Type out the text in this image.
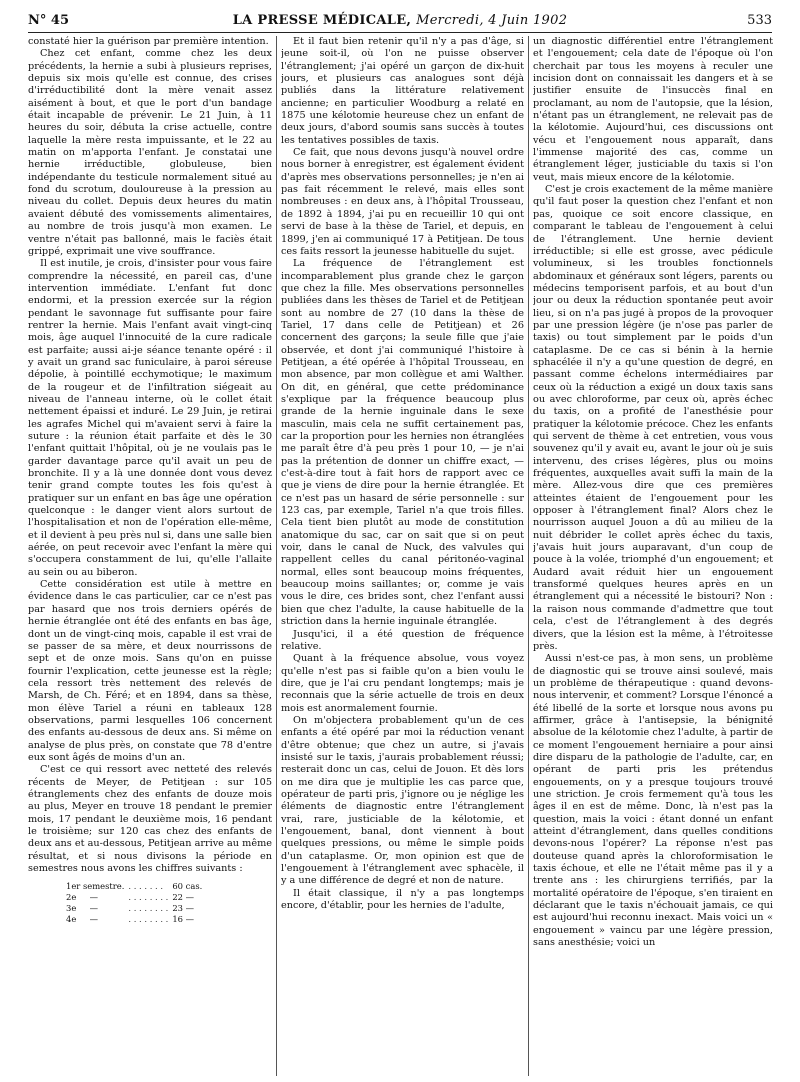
N° 45	LA PRESSE MÉDICALE, Mercredi, 4 Juin 1902	533

constaté hier la guérison par première intention.

Chez cet enfant, comme chez les deux précédents, la hernie a subi à plusieurs reprises, depuis six mois qu'elle est connue, des crises d'irréductibilité dont la mère venait assez aisément à bout, et que le port d'un bandage était incapable de prévenir. Le 21 Juin, à 11 heures du soir, débuta la crise actuelle, contre laquelle la mère resta impuissante, et le 22 au matin on m'apporta l'enfant. Je constatai une hernie irréductible, globuleuse, bien indépendante du testicule normalement situé au fond du scrotum, douloureuse à la pression au niveau du collet. Depuis deux heures du matin avaient débuté des vomissements alimentaires, au nombre de trois jusqu'à mon examen. Le ventre n'était pas ballonné, mais le faciès était grippé, exprimait une vive souffrance.

Il est inutile, je crois, d'insister pour vous faire comprendre la nécessité, en pareil cas, d'une intervention immédiate. L'enfant fut donc endormi, et la pression exercée sur la région pendant le savonnage fut suffisante pour faire rentrer la hernie. Mais l'enfant avait vingt-cinq mois, âge auquel l'innocuité de la cure radicale est parfaite; aussi ai-je séance tenante opéré : il y avait un grand sac funiculaire, à paroi séreuse dépolie, à pointillé ecchymotique; le maximum de la rougeur et de l'infiltration siégeait au niveau de l'anneau interne, où le collet était nettement épaissi et induré. Le 29 Juin, je retirai les agrafes Michel qui m'avaient servi à faire la suture : la réunion était parfaite et dès le 30 l'enfant quittait l'hôpital, où je ne voulais pas le garder davantage parce qu'il avait un peu de bronchite. Il y a là une donnée dont vous devez tenir grand compte toutes les fois qu'est à pratiquer sur un enfant en bas âge une opération quelconque : le danger vient alors surtout de l'hospitalisation et non de l'opération elle-même, et il devient à peu près nul si, dans une salle bien aérée, on peut recevoir avec l'enfant la mère qui s'occupera constamment de lui, qu'elle l'allaite au sein ou au biberon.

Cette considération est utile à mettre en évidence dans le cas particulier, car ce n'est pas par hasard que nos trois derniers opérés de hernie étranglée ont été des enfants en bas âge, dont un de vingt-cinq mois, capable il est vrai de se passer de sa mère, et deux nourrissons de sept et de onze mois. Sans qu'on en puisse fournir l'explication, cette jeunesse est la règle; cela ressort très nettement des relevés de Marsh, de Ch. Féré; et en 1894, dans sa thèse, mon élève Tariel a réuni en tableaux 128 observations, parmi lesquelles 106 concernent des enfants au-dessous de deux ans. Si même on analyse de plus près, on constate que 78 d'entre eux sont âgés de moins d'un an.

C'est ce qui ressort avec netteté des relevés récents de Meyer, de Petitjean : sur 105 étranglements chez des enfants de douze mois au plus, Meyer en trouve 18 pendant le premier mois, 17 pendant le deuxième mois, 16 pendant le troisième; sur 120 cas chez des enfants de deux ans et au-dessous, Petitjean arrive au même résultat, et si nous divisons la période en semestres nous avons les chiffres suivants :

1er semestre.	. . . . . . .	60 cas.
2e     —	. . . . . . . .	22 —
3e     —	. . . . . . . .	23 —
4e     —	. . . . . . . .	16 —

Et il faut bien retenir qu'il n'y a pas d'âge, si jeune soit-il, où l'on ne puisse observer l'étranglement; j'ai opéré un garçon de dix-huit jours, et plusieurs cas analogues sont déjà publiés dans la littérature relativement ancienne; en particulier Woodburg a relaté en 1875 une kélotomie heureuse chez un enfant de deux jours, d'abord soumis sans succès à toutes les tentatives possibles de taxis.

Ce fait, que nous devons jusqu'à nouvel ordre nous borner à enregistrer, est également évident d'après mes observations personnelles; je n'en ai pas fait récemment le relevé, mais elles sont nombreuses : en deux ans, à l'hôpital Trousseau, de 1892 à 1894, j'ai pu en recueillir 10 qui ont servi de base à la thèse de Tariel, et depuis, en 1899, j'en ai communiqué 17 à Petitjean. De tous ces faits ressort la jeunesse habituelle du sujet.

La fréquence de l'étranglement est incomparablement plus grande chez le garçon que chez la fille. Mes observations personnelles publiées dans les thèses de Tariel et de Petitjean sont au nombre de 27 (10 dans la thèse de Tariel, 17 dans celle de Petitjean) et 26 concernent des garçons; la seule fille que j'aie observée, et dont j'ai communiqué l'histoire à Petitjean, a été opérée à l'hôpital Trousseau, en mon absence, par mon collègue et ami Walther. On dit, en général, que cette prédominance s'explique par la fréquence beaucoup plus grande de la hernie inguinale dans le sexe masculin, mais cela ne suffit certainement pas, car la proportion pour les hernies non étranglées me paraît être d'à peu près 1 pour 10, — je n'ai pas la prétention de donner un chiffre exact, — c'est-à-dire tout à fait hors de rapport avec ce que je viens de dire pour la hernie étranglée. Et ce n'est pas un hasard de série personnelle : sur 123 cas, par exemple, Tariel n'a que trois filles. Cela tient bien plutôt au mode de constitution anatomique du sac, car on sait que si on peut voir, dans le canal de Nuck, des valvules qui rappellent celles du canal péritonéo-vaginal normal, elles sont beaucoup moins fréquentes, beaucoup moins saillantes; or, comme je vais vous le dire, ces brides sont, chez l'enfant aussi bien que chez l'adulte, la cause habituelle de la striction dans la hernie inguinale étranglée.

Jusqu'ici, il a été question de fréquence relative.

Quant à la fréquence absolue, vous voyez qu'elle n'est pas si faible qu'on a bien voulu le dire, que je l'ai cru pendant longtemps; mais je reconnais que la série actuelle de trois en deux mois est anormalement fournie.

On m'objectera probablement qu'un de ces enfants a été opéré par moi la réduction venant d'être obtenue; que chez un autre, si j'avais insisté sur le taxis, j'aurais probablement réussi; resterait donc un cas, celui de Jouon. Et dès lors on me dira que je multiplie les cas parce que, opérateur de parti pris, j'ignore ou je néglige les éléments de diagnostic entre l'étranglement vrai, rare, justiciable de la kélotomie, et l'engouement, banal, dont viennent à bout quelques pressions, ou même le simple poids d'un cataplasme. Or, mon opinion est que de l'engouement à l'étranglement avec sphacèle, il y a une différence de degré et non de nature.

Il était classique, il n'y a pas longtemps encore, d'établir, pour les hernies de l'adulte,

un diagnostic différentiel entre l'étranglement et l'engouement; cela date de l'époque où l'on cherchait par tous les moyens à reculer une incision dont on connaissait les dangers et à se justifier ensuite de l'insuccès final en proclamant, au nom de l'autopsie, que la lésion, n'étant pas un étranglement, ne relevait pas de la kélotomie. Aujourd'hui, ces discussions ont vécu et l'engouement nous apparaît, dans l'immense majorité des cas, comme un étranglement léger, justiciable du taxis si l'on veut, mais mieux encore de la kélotomie.

C'est je crois exactement de la même manière qu'il faut poser la question chez l'enfant et non pas, quoique ce soit encore classique, en comparant le tableau de l'engouement à celui de l'étranglement. Une hernie devient irréductible; si elle est grosse, avec pédicule volumineux, si les troubles fonctionnels abdominaux et généraux sont légers, parents ou médecins temporisent parfois, et au bout d'un jour ou deux la réduction spontanée peut avoir lieu, si on n'a pas jugé à propos de la provoquer par une pression légère (je n'ose pas parler de taxis) ou tout simplement par le poids d'un cataplasme. De ce cas si bénin à la hernie sphacélée il n'y a qu'une question de degré, en passant comme échelons intermédiaires par ceux où la réduction a exigé un doux taxis sans ou avec chloroforme, par ceux où, après échec du taxis, on a profité de l'anesthésie pour pratiquer la kélotomie précoce. Chez les enfants qui servent de thème à cet entretien, vous vous souvenez qu'il y avait eu, avant le jour où je suis intervenu, des crises légères, plus ou moins fréquentes, auxquelles avait suffi la main de la mère. Allez-vous dire que ces premières atteintes étaient de l'engouement pour les opposer à l'étranglement final? Alors chez le nourrisson auquel Jouon a dû au milieu de la nuit débrider le collet après échec du taxis, j'avais huit jours auparavant, d'un coup de pouce à la volée, triomphé d'un engouement; et Audard avait réduit hier un engouement transformé quelques heures après en un étranglement qui a nécessité le bistouri? Non : la raison nous commande d'admettre que tout cela, c'est de l'étranglement à des degrés divers, que la lésion est la même, à l'étroitesse près.

Aussi n'est-ce pas, à mon sens, un problème de diagnostic qui se trouve ainsi soulevé, mais un problème de thérapeutique : quand devons-nous intervenir, et comment? Lorsque l'énoncé a été libellé de la sorte et lorsque nous avons pu affirmer, grâce à l'antisepsie, la bénignité absolue de la kélotomie chez l'adulte, à partir de ce moment l'engouement herniaire a pour ainsi dire disparu de la pathologie de l'adulte, car, en opérant de parti pris les prétendus engouements, on y a presque toujours trouvé une striction. Je crois fermement qu'à tous les âges il en est de même. Donc, là n'est pas la question, mais la voici : étant donné un enfant atteint d'étranglement, dans quelles conditions devons-nous l'opérer? La réponse n'est pas douteuse quand après la chloroformisation le taxis échoue, et elle ne l'était même pas il y a trente ans : les chirurgiens terrifiés, par la mortalité opératoire de l'époque, s'en tiraient en déclarant que le taxis n'échouait jamais, ce qui est aujourd'hui reconnu inexact. Mais voici un « engouement » vaincu par une légère pression, sans anesthésie; voici un
